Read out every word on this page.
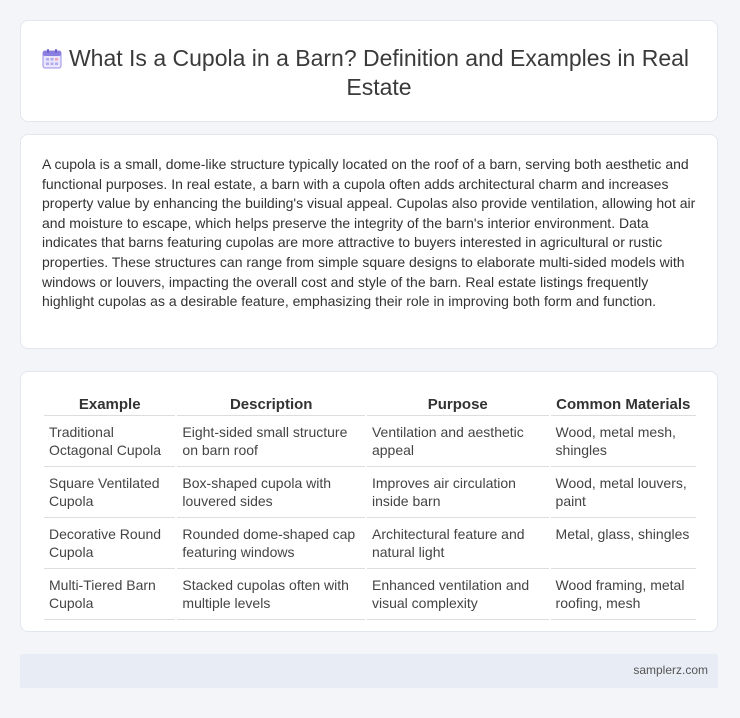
What Is a Cupola in a Barn? Definition and Examples in Real Estate

A cupola is a small, dome-like structure typically located on the roof of a barn, serving both aesthetic and functional purposes. In real estate, a barn with a cupola often adds architectural charm and increases property value by enhancing the building's visual appeal. Cupolas also provide ventilation, allowing hot air and moisture to escape, which helps preserve the integrity of the barn's interior environment. Data indicates that barns featuring cupolas are more attractive to buyers interested in agricultural or rustic properties. These structures can range from simple square designs to elaborate multi-sided models with windows or louvers, impacting the overall cost and style of the barn. Real estate listings frequently highlight cupolas as a desirable feature, emphasizing their role in improving both form and function.

Example	Description	Purpose	Common Materials
Traditional Octagonal Cupola	Eight-sided small structure on barn roof	Ventilation and aesthetic appeal	Wood, metal mesh, shingles
Square Ventilated Cupola	Box-shaped cupola with louvered sides	Improves air circulation inside barn	Wood, metal louvers, paint
Decorative Round Cupola	Rounded dome-shaped cap featuring windows	Architectural feature and natural light	Metal, glass, shingles
Multi-Tiered Barn Cupola	Stacked cupolas often with multiple levels	Enhanced ventilation and visual complexity	Wood framing, metal roofing, mesh
samplerz.com
